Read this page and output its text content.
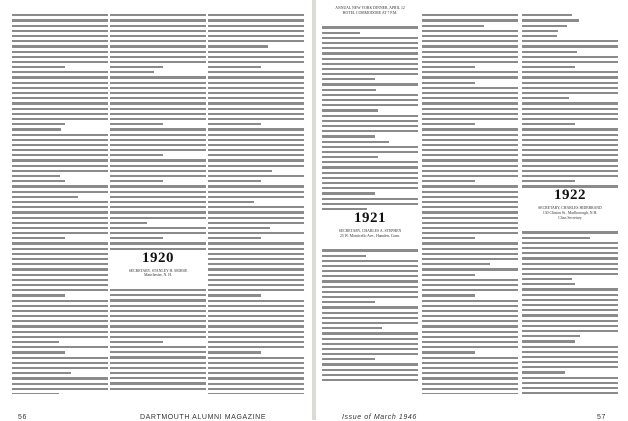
1920
SECRETARY, STANLEY H. MORSE
Manchester, N. H.
56	DARTMOUTH ALUMNI MAGAZINE
ANNUAL NEW YORK DINNER, APRIL 12
HOTEL COMMODORE AT 7 P.M.
1921
SECRETARY, CHARLES A. STEPHEN
25 W. Monticello Ave., Hamden, Conn.
1922
SECRETARY, CHARLES HIDEBRAND
130 Clinton St., Marlborough, N.H.
Class Secretary
Issue of March 1946	57
